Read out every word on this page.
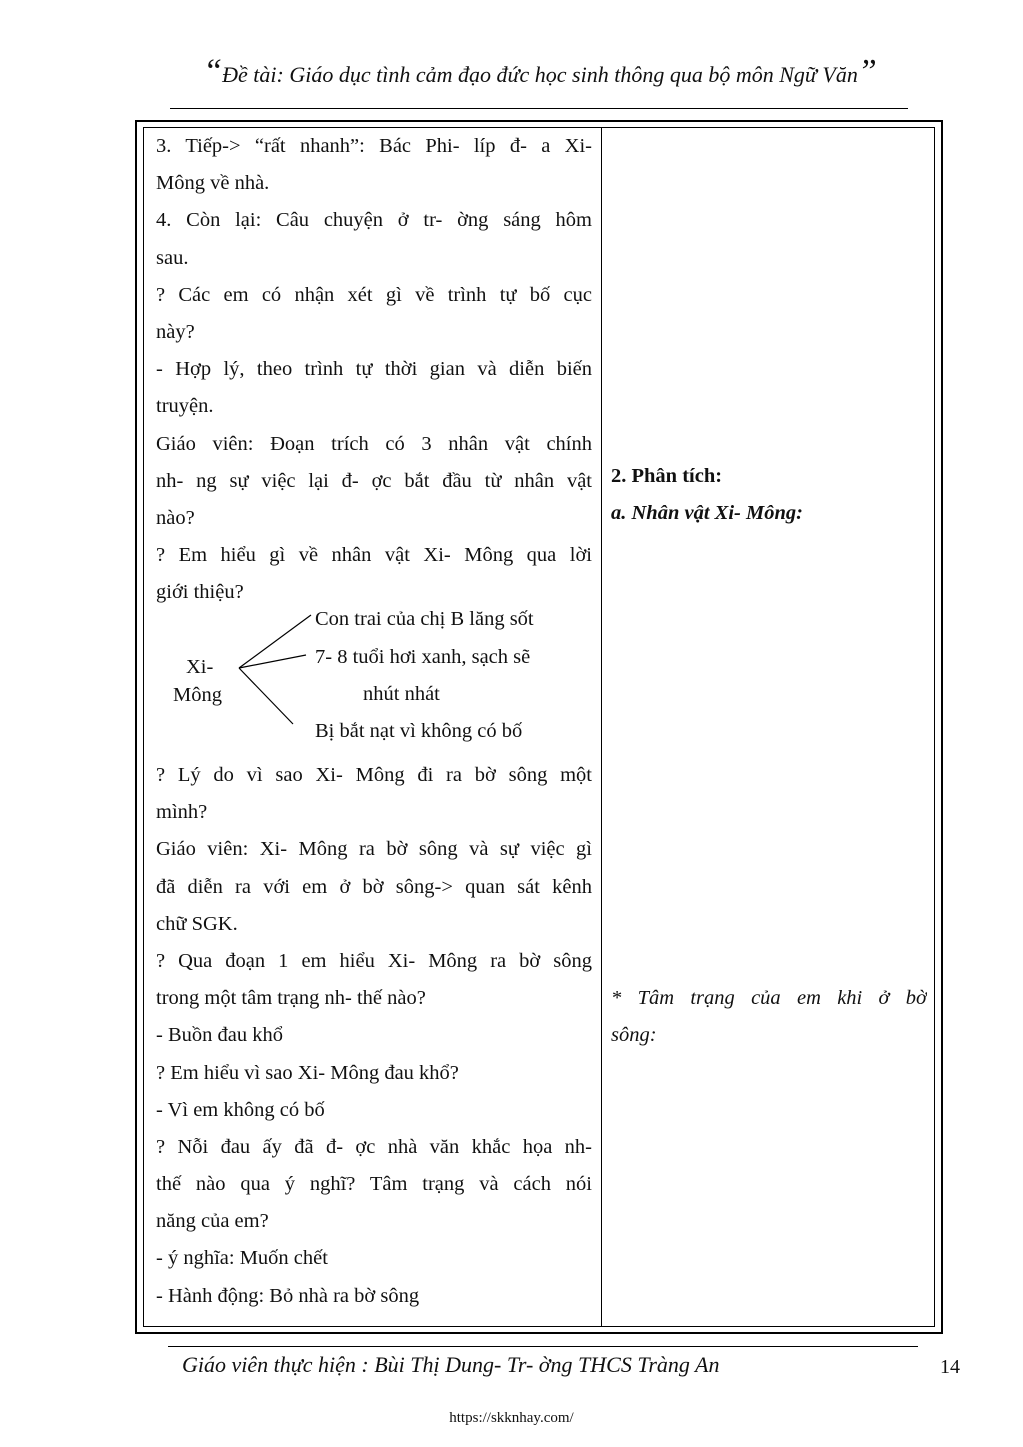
“Đề tài: Giáo dục tình cảm đạo đức học sinh thông qua bộ môn Ngữ Văn”
3. Tiếp-> “rất nhanh”: Bác Phi- líp đ- a Xi-
Mông về nhà.
4. Còn lại: Câu chuyện ở tr- ờng sáng hôm
sau.
? Các em có nhận xét gì về trình tự bố cục
này?
- Hợp lý, theo trình tự thời gian và diễn biến
truyện.
Giáo viên: Đoạn trích có 3 nhân vật chính
nh- ng sự việc lại đ- ợc bắt đầu từ nhân vật
nào?
? Em hiểu gì về nhân vật Xi- Mông qua lời
giới thiệu?
Xi-
Mông
Con trai của chị B lăng sốt
7- 8 tuổi hơi xanh, sạch sẽ
nhút nhát
Bị bắt nạt vì không có bố
? Lý do vì sao Xi- Mông đi ra bờ sông một
mình?
Giáo viên: Xi- Mông ra bờ sông và sự việc gì
đã diễn ra với em ở bờ sông-> quan sát kênh
chữ SGK.
? Qua đoạn 1 em hiểu Xi- Mông ra bờ sông
trong một tâm trạng nh- thế nào?
- Buồn đau khổ
? Em hiểu vì sao Xi- Mông đau khổ?
- Vì em không có bố
? Nỗi đau ấy đã đ- ợc nhà văn khắc họa nh-
thế nào qua ý nghĩ? Tâm trạng và cách nói
năng của em?
- ý nghĩa: Muốn chết
- Hành động: Bỏ nhà ra bờ sông
2. Phân tích:
a. Nhân vật Xi- Mông:
* Tâm trạng của em khi ở bờ
sông:
Giáo viên thực hiện : Bùi Thị Dung- Tr- ờng THCS Tràng An	14
https://skknhay.com/
